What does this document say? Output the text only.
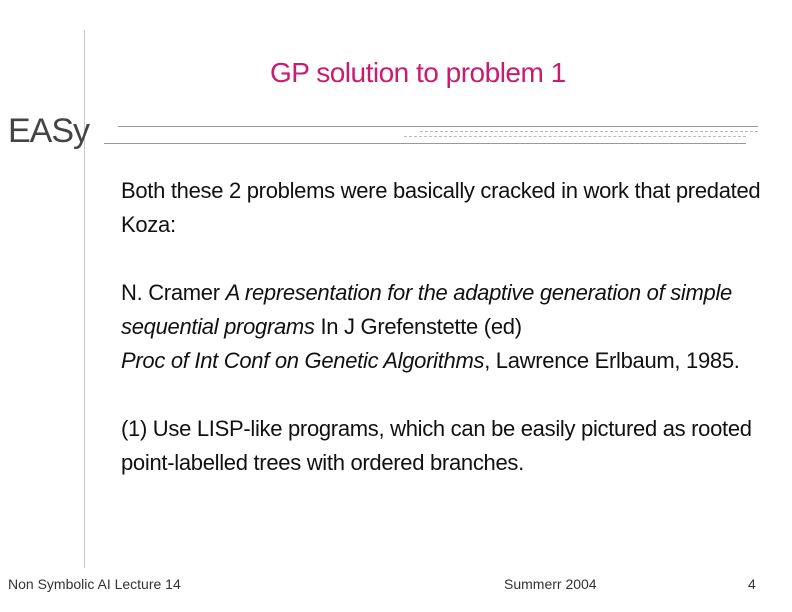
GP solution to problem 1
EASy

Both these 2 problems were basically cracked in work that predated Koza:

N. Cramer A representation for the adaptive generation of simple sequential programs In J Grefenstette (ed)
Proc of Int Conf on Genetic Algorithms, Lawrence Erlbaum, 1985.

(1) Use LISP-like programs, which can be easily pictured as rooted point-labelled trees with ordered branches.

Non Symbolic AI Lecture 14	Summerr 2004	4
